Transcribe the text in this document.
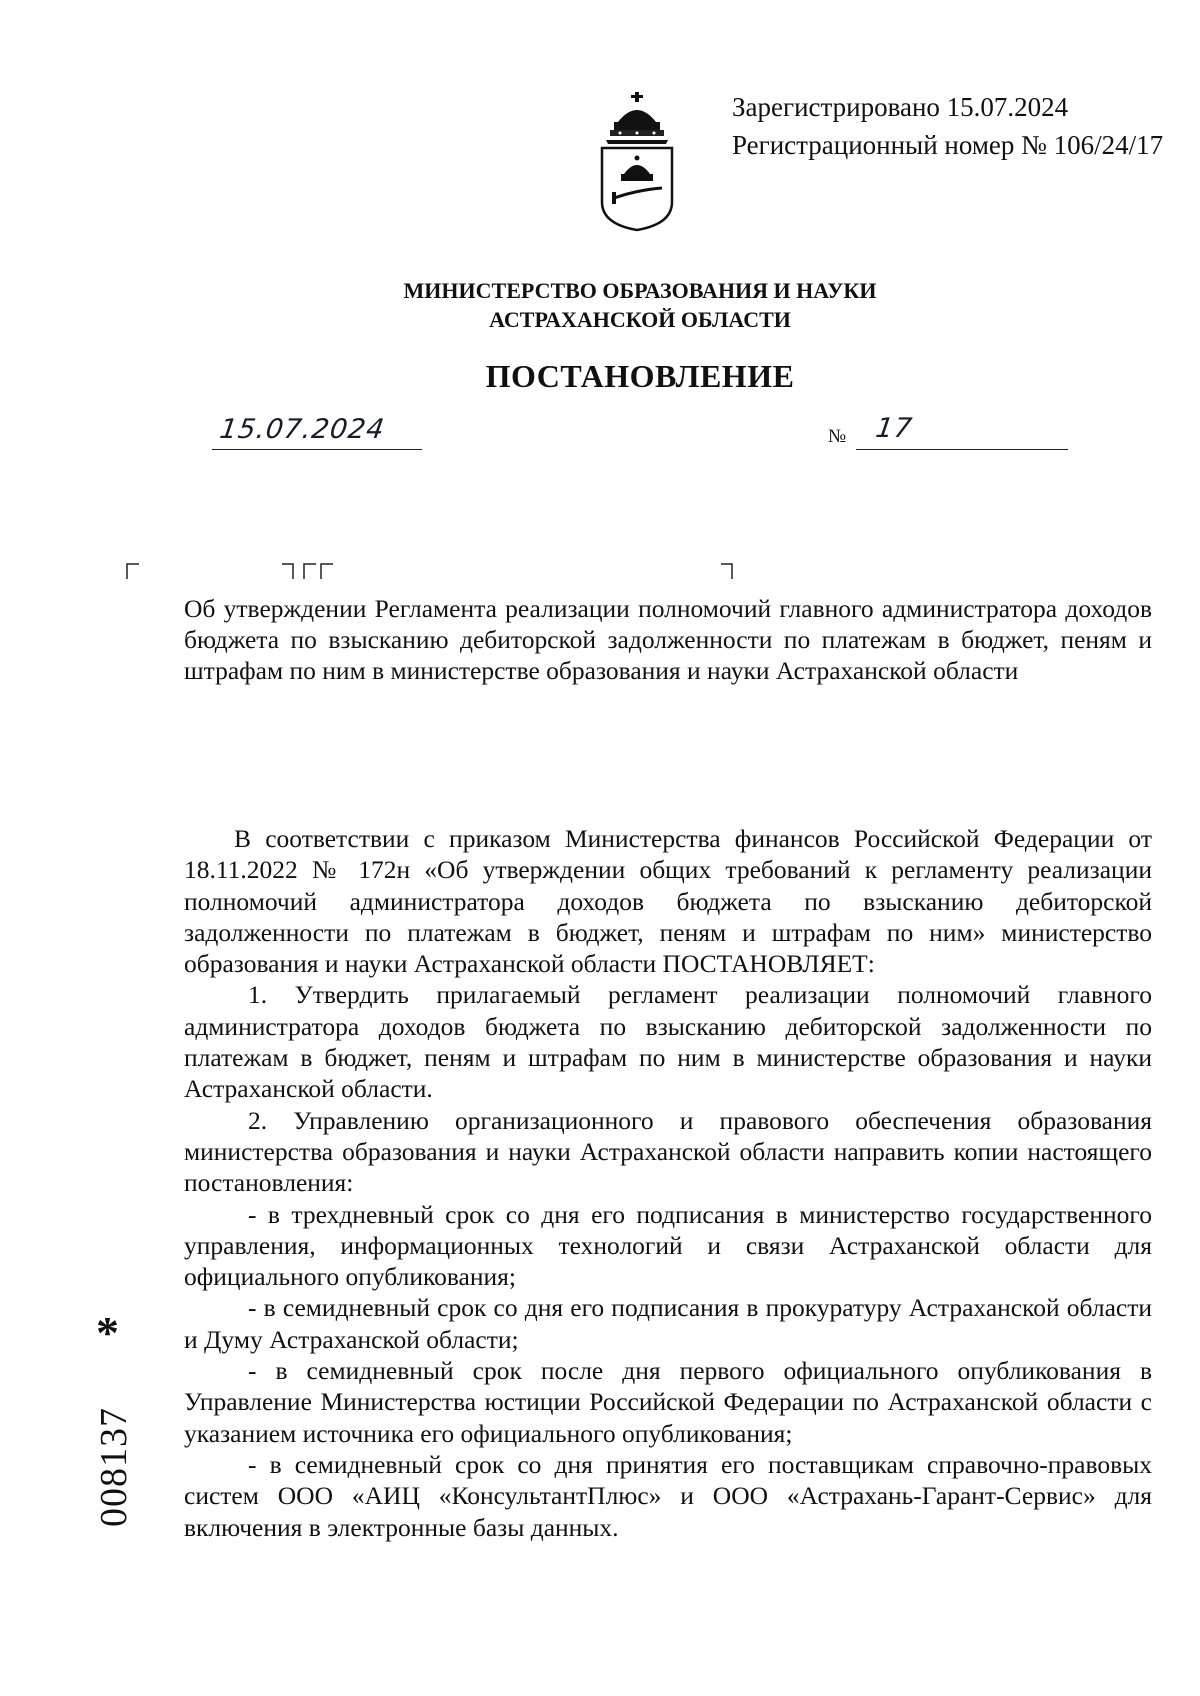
Зарегистрировано 15.07.2024
Регистрационный номер № 106/24/17
МИНИСТЕРСТВО ОБРАЗОВАНИЯ И НАУКИ
АСТРАХАНСКОЙ ОБЛАСТИ
ПОСТАНОВЛЕНИЕ
15.07.2024	№ 17
Об утверждении Регламента реализации полномочий главного администратора доходов бюджета по взысканию дебиторской задолженности по платежам в бюджет, пеням и штрафам по ним в министерстве образования и науки Астраханской области

В соответствии с приказом Министерства финансов Российской Федерации от 18.11.2022 № 172н «Об утверждении общих требований к регламенту реализации полномочий администратора доходов бюджета по взысканию дебиторской задолженности по платежам в бюджет, пеням и штрафам по ним» министерство образования и науки Астраханской области ПОСТАНОВЛЯЕТ:

1. Утвердить прилагаемый регламент реализации полномочий главного администратора доходов бюджета по взысканию дебиторской задолженности по платежам в бюджет, пеням и штрафам по ним в министерстве образования и науки Астраханской области.

2. Управлению организационного и правового обеспечения образования министерства образования и науки Астраханской области направить копии настоящего постановления:

- в трехдневный срок со дня его подписания в министерство государственного управления, информационных технологий и связи Астраханской области для официального опубликования;

- в семидневный срок со дня его подписания в прокуратуру Астраханской области и Думу Астраханской области;

- в семидневный срок после дня первого официального опубликования в Управление Министерства юстиции Российской Федерации по Астраханской области с указанием источника его официального опубликования;

- в семидневный срок со дня принятия его поставщикам справочно-правовых систем ООО «АИЦ «КонсультантПлюс» и ООО «Астрахань-Гарант-Сервис» для включения в электронные базы данных.

*
008137
